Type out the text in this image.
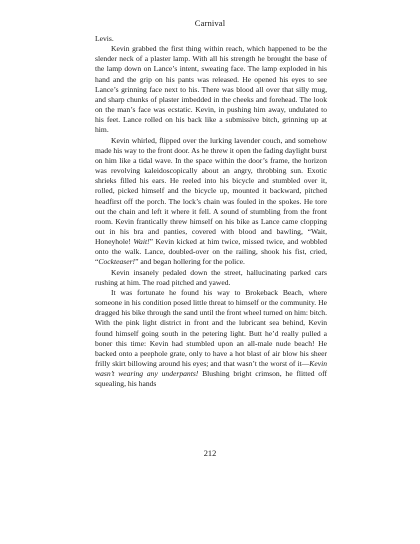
Carnival

Levis.

Kevin grabbed the first thing within reach, which happened to be the slender neck of a plaster lamp. With all his strength he brought the base of the lamp down on Lance’s intent, sweating face. The lamp exploded in his hand and the grip on his pants was released. He opened his eyes to see Lance’s grinning face next to his. There was blood all over that silly mug, and sharp chunks of plaster imbedded in the cheeks and forehead. The look on the man’s face was ecstatic. Kevin, in pushing him away, undulated to his feet. Lance rolled on his back like a submissive bitch, grinning up at him.

Kevin whirled, flipped over the lurking lavender couch, and somehow made his way to the front door. As he threw it open the fading daylight burst on him like a tidal wave. In the space within the door’s frame, the horizon was revolving kaleidoscopically about an angry, throbbing sun. Exotic shrieks filled his ears. He reeled into his bicycle and stumbled over it, rolled, picked himself and the bicycle up, mounted it backward, pitched headfirst off the porch. The lock’s chain was fouled in the spokes. He tore out the chain and left it where it fell. A sound of stumbling from the front room. Kevin frantically threw himself on his bike as Lance came clopping out in his bra and panties, covered with blood and bawling, “Wait, Honeyhole! Wait!” Kevin kicked at him twice, missed twice, and wobbled onto the walk. Lance, doubled-over on the railing, shook his fist, cried, “Cockteaser!” and began hollering for the police.

Kevin insanely pedaled down the street, hallucinating parked cars rushing at him. The road pitched and yawed.

It was fortunate he found his way to Brokeback Beach, where someone in his condition posed little threat to himself or the community. He dragged his bike through the sand until the front wheel turned on him: bitch. With the pink light district in front and the lubricant sea behind, Kevin found himself going south in the petering light. Butt he’d really pulled a boner this time: Kevin had stumbled upon an all-male nude beach! He backed onto a peephole grate, only to have a hot blast of air blow his sheer frilly skirt billowing around his eyes; and that wasn’t the worst of it—Kevin wasn’t wearing any underpants! Blushing bright crimson, he flitted off squealing, his hands

212
